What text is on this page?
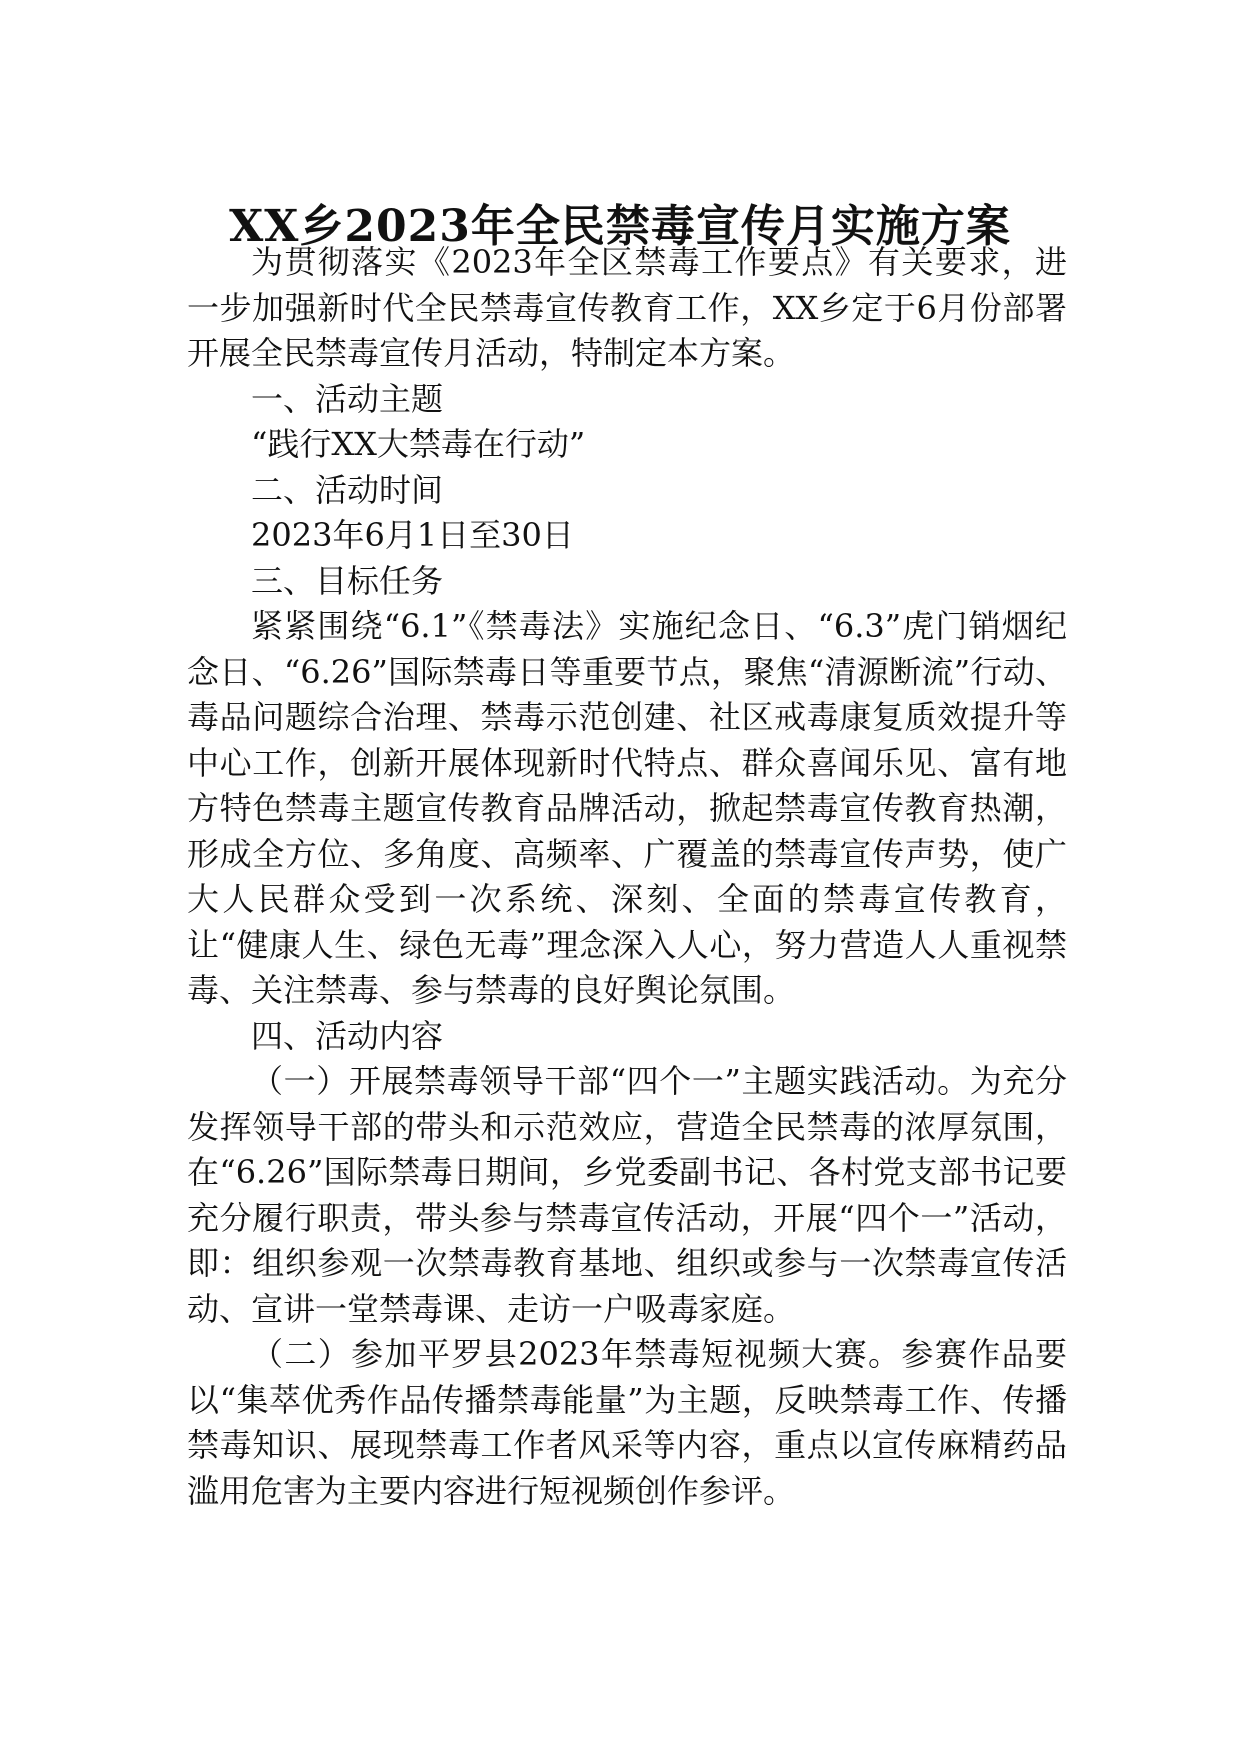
XX乡2023年全民禁毒宣传月实施方案

为贯彻落实《2023年全区禁毒工作要点》有关要求，进一步加强新时代全民禁毒宣传教育工作，XX乡定于6月份部署开展全民禁毒宣传月活动，特制定本方案。

一、活动主题

“践行XX大禁毒在行动”

二、活动时间

2023年6月1日至30日

三、目标任务

紧紧围绕“6.1”《禁毒法》实施纪念日、“6.3”虎门销烟纪念日、“6.26”国际禁毒日等重要节点，聚焦“清源断流”行动、毒品问题综合治理、禁毒示范创建、社区戒毒康复质效提升等中心工作，创新开展体现新时代特点、群众喜闻乐见、富有地方特色禁毒主题宣传教育品牌活动，掀起禁毒宣传教育热潮，形成全方位、多角度、高频率、广覆盖的禁毒宣传声势，使广大人民群众受到一次系统、深刻、全面的禁毒宣传教育，让“健康人生、绿色无毒”理念深入人心，努力营造人人重视禁毒、关注禁毒、参与禁毒的良好舆论氛围。

四、活动内容

（一）开展禁毒领导干部“四个一”主题实践活动。为充分发挥领导干部的带头和示范效应，营造全民禁毒的浓厚氛围，在“6.26”国际禁毒日期间，乡党委副书记、各村党支部书记要充分履行职责，带头参与禁毒宣传活动，开展“四个一”活动，即：组织参观一次禁毒教育基地、组织或参与一次禁毒宣传活动、宣讲一堂禁毒课、走访一户吸毒家庭。

（二）参加平罗县2023年禁毒短视频大赛。参赛作品要以“集萃优秀作品传播禁毒能量”为主题，反映禁毒工作、传播禁毒知识、展现禁毒工作者风采等内容，重点以宣传麻精药品滥用危害为主要内容进行短视频创作参评。
